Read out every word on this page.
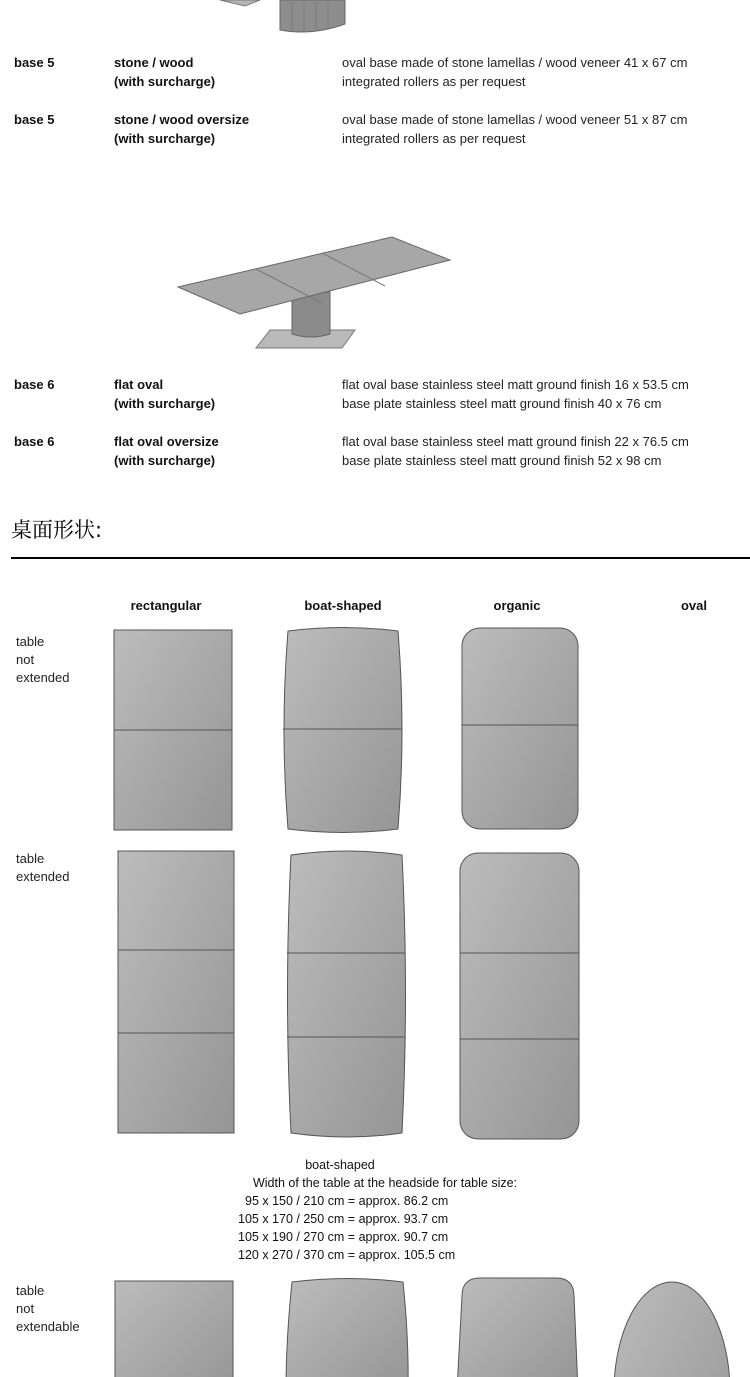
base 5	stone / wood
(with surcharge)
oval base made of stone lamellas / wood veneer 41 x 67 cm
integrated rollers as per request
base 5	stone / wood oversize
(with surcharge)
oval base made of stone lamellas / wood veneer 51 x 87 cm
integrated rollers as per request
base 6	flat oval
(with surcharge)
flat oval base stainless steel matt ground finish 16 x 53.5 cm
base plate stainless steel matt ground finish 40 x 76 cm
base 6	flat oval oversize
(with surcharge)
flat oval base stainless steel matt ground finish 22 x 76.5 cm
base plate stainless steel matt ground finish 52 x 98 cm
桌面形状:
rectangular	boat-shaped	organic	oval
table
not
extended
table
extended
table
not
extendable
boat-shaped
Width of the table at the headside for table size:
95 x 150 / 210 cm = approx. 86.2 cm
105 x 170 / 250 cm = approx. 93.7 cm
105 x 190 / 270 cm = approx. 90.7 cm
120 x 270 / 370 cm = approx. 105.5 cm
